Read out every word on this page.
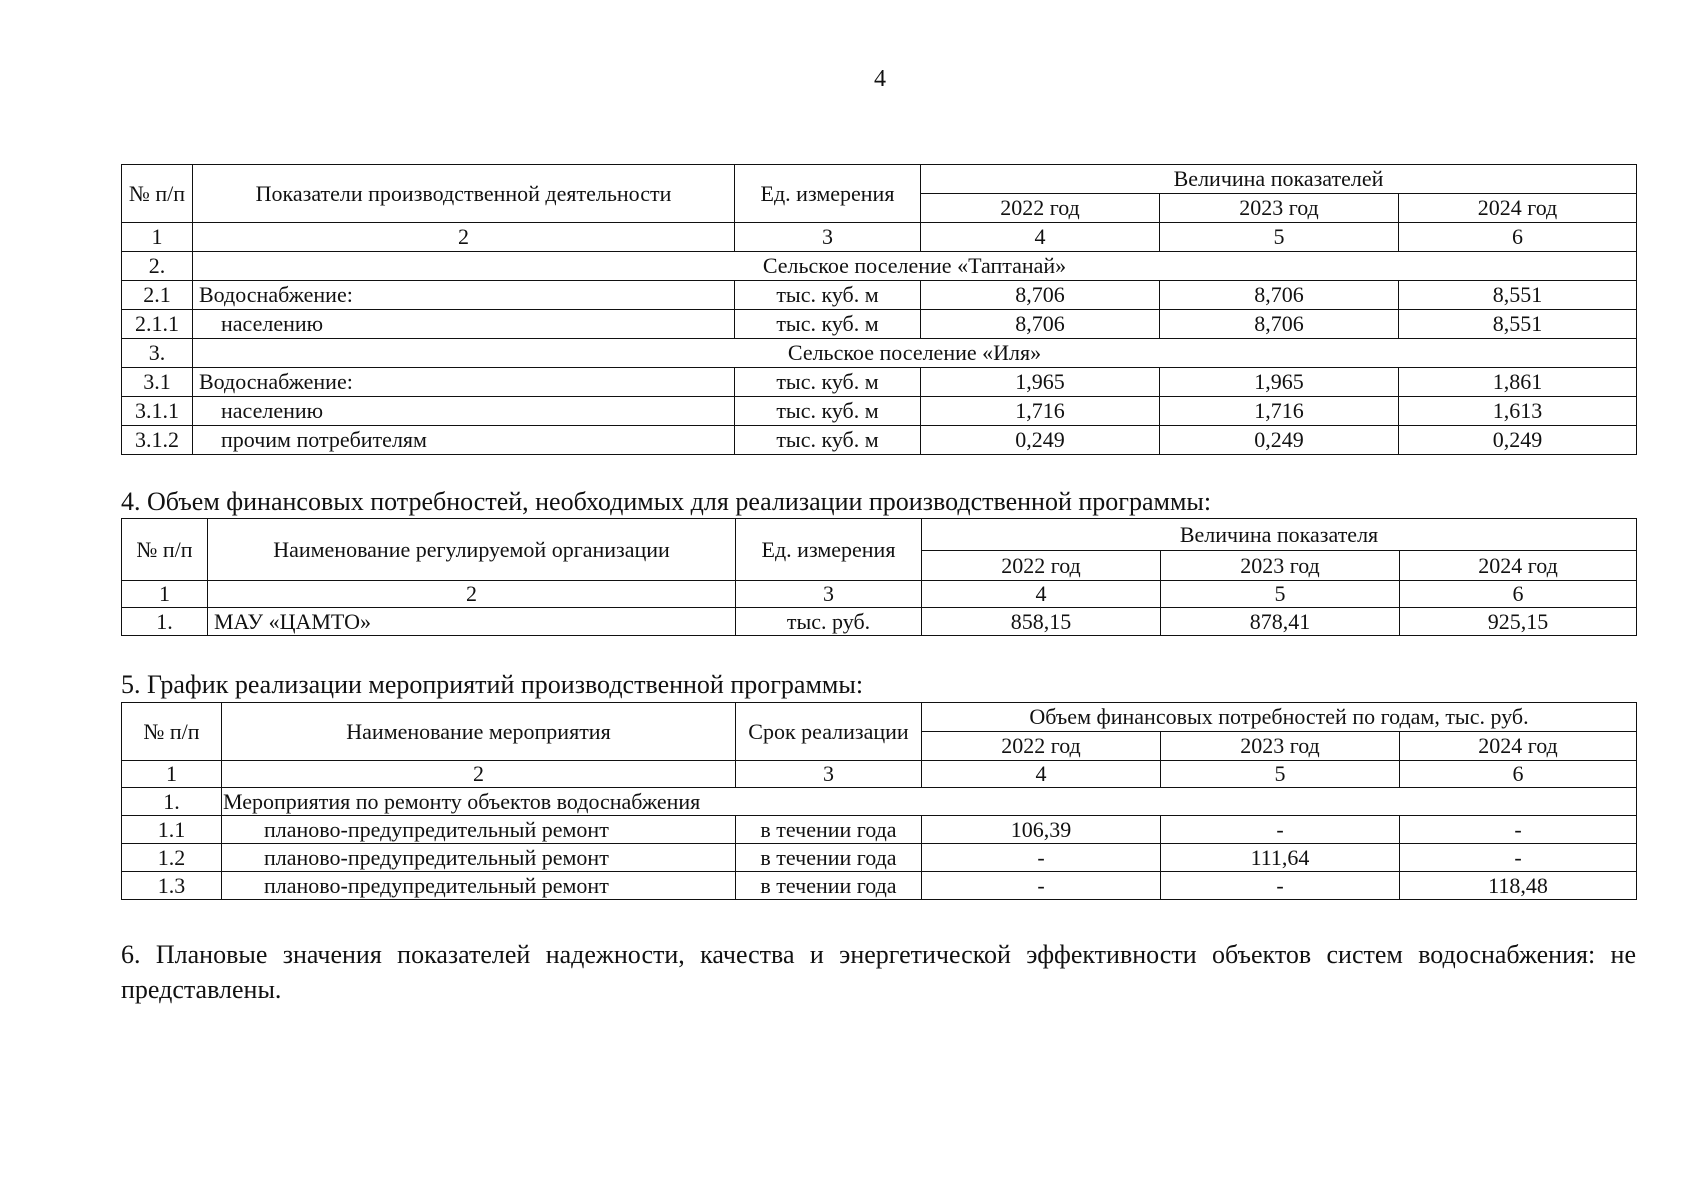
4
№ п/п	Показатели производственной деятельности	Ед. измерения	Величина показателей		
			2022 год	2023 год	2024 год
1	2	3	4	5	6
2.	Сельское поселение «Таптанай»				
2.1	Водоснабжение:	тыс. куб. м	8,706	8,706	8,551
2.1.1	населению	тыс. куб. м	8,706	8,706	8,551
3.	Сельское поселение «Иля»				
3.1	Водоснабжение:	тыс. куб. м	1,965	1,965	1,861
3.1.1	населению	тыс. куб. м	1,716	1,716	1,613
3.1.2	прочим потребителям	тыс. куб. м	0,249	0,249	0,249
4. Объем финансовых потребностей, необходимых для реализации производственной программы:
№ п/п	Наименование регулируемой организации	Ед. измерения	Величина показателя		
			2022 год	2023 год	2024 год
1	2	3	4	5	6
1.	МАУ «ЦАМТО»	тыс. руб.	858,15	878,41	925,15
5. График реализации мероприятий производственной программы:
№ п/п	Наименование мероприятия	Срок реализации	Объем финансовых потребностей по годам, тыс. руб.		
			2022 год	2023 год	2024 год
1	2	3	4	5	6
1.	Мероприятия по ремонту объектов водоснабжения				
1.1	планово-предупредительный ремонт	в течении года	106,39	-	-
1.2	планово-предупредительный ремонт	в течении года	-	111,64	-
1.3	планово-предупредительный ремонт	в течении года	-	-	118,48
6. Плановые значения показателей надежности, качества и энергетической эффективности объектов систем водоснабжения: не представлены.
